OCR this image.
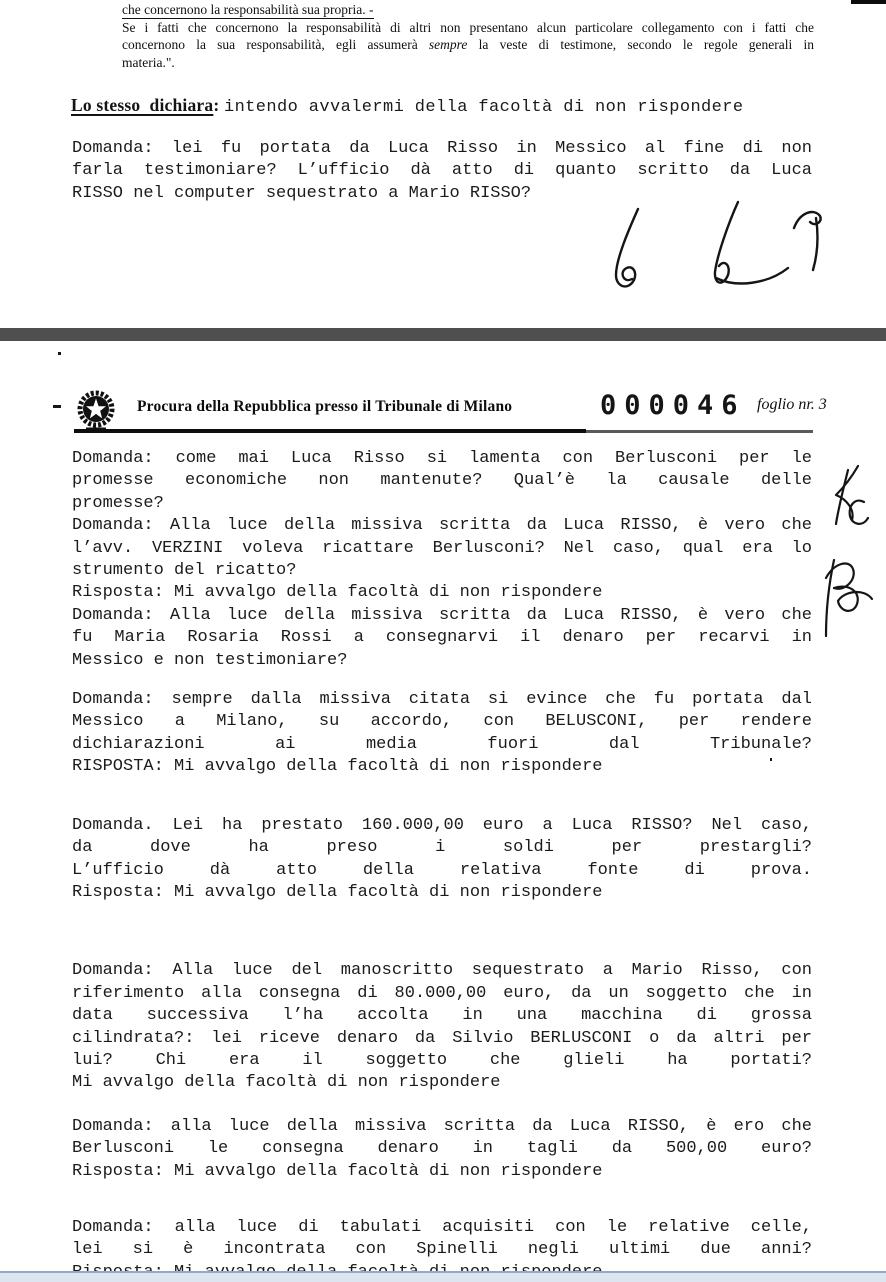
che concernono la responsabilità sua propria. -
Se i fatti che concernono la responsabilità di altri non presentano alcun particolare collegamento con i fatti che
concernono la sua responsabilità, egli assumerà sempre la veste di testimone, secondo le regole generali in
materia.".
Lo stesso  dichiara: intendo avvalermi della facoltà di non rispondere
Domanda: lei fu portata da Luca Risso in Messico al fine di non
farla testimoniare? L’ufficio dà atto di quanto scritto da Luca
RISSO nel computer sequestrato a Mario RISSO?
Procura della Repubblica presso il Tribunale di Milano	000046 foglio nr. 3
Domanda: come mai Luca Risso si lamenta con Berlusconi per le
promesse economiche non mantenute? Qual’è la causale delle
promesse?
Domanda: Alla luce della missiva scritta da Luca RISSO, è vero che
l’avv. VERZINI voleva ricattare Berlusconi? Nel caso, qual era lo
strumento del ricatto?
Risposta: Mi avvalgo della facoltà di non rispondere
Domanda: Alla luce della missiva scritta da Luca RISSO, è vero che
fu Maria Rosaria Rossi a consegnarvi il denaro per recarvi in
Messico e non testimoniare?
Domanda: sempre dalla missiva citata si evince che fu portata dal
Messico a Milano, su accordo, con BELUSCONI, per rendere
dichiarazioni ai media fuori dal Tribunale?
RISPOSTA: Mi avvalgo della facoltà di non rispondere
Domanda. Lei ha prestato 160.000,00 euro a Luca RISSO? Nel caso,
da dove ha preso i soldi per prestargli?
L’ufficio dà atto della relativa fonte di prova.
Risposta: Mi avvalgo della facoltà di non rispondere
Domanda: Alla luce del manoscritto sequestrato a Mario Risso, con
riferimento alla consegna di 80.000,00 euro, da un soggetto che in
data successiva l’ha accolta in una macchina di grossa
cilindrata?: lei riceve denaro da Silvio BERLUSCONI o da altri per
lui? Chi era il soggetto che glieli ha portati?
Mi avvalgo della facoltà di non rispondere
Domanda: alla luce della missiva scritta da Luca RISSO, è ero che
Berlusconi le consegna denaro in tagli da 500,00 euro?
Risposta: Mi avvalgo della facoltà di non rispondere
Domanda: alla luce di tabulati acquisiti con le relative celle,
lei si è incontrata con Spinelli negli ultimi due anni?
